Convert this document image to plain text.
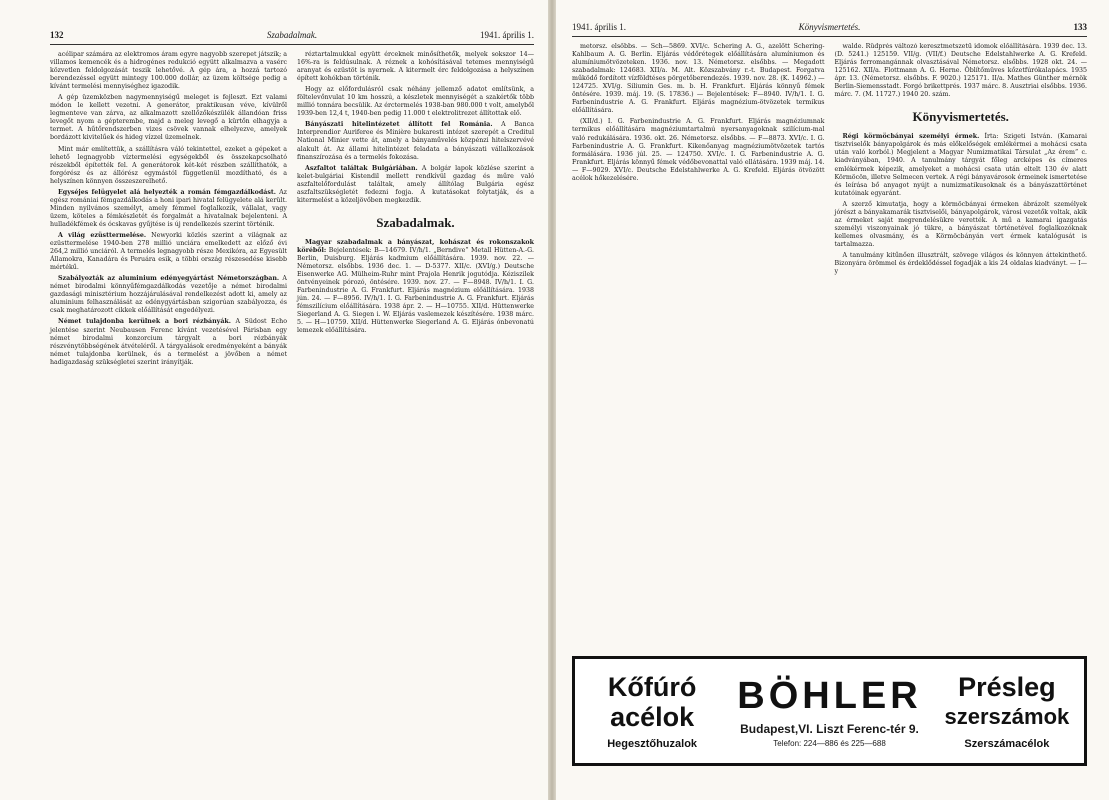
132	Szabadalmak.	1941. április 1.

acélipar számára az elektromos áram egyre nagyobb szerepet játszik; a villamos kemencék és a hidrogénes redukció együtt alkalmazva a vasérc közvetlen feldolgozását teszik lehetővé. A gép ára, a hozzá tartozó berendezéssel együtt mintegy 100.000 dollár, az üzem költsége pedig a kívánt termelési mennyiséghez igazodik.

A gép üzemközben nagymennyiségű meleget is fejleszt. Ezt valami módon le kellett vezetni. A generátor, praktikusan véve, kívülről legmenteve van zárva, az alkalmazott szellőzőkészülék állandóan friss levegőt nyom a gépterembe, majd a meleg levegő a kürtőn elhagyja a termet. A hűtőrendszerben vizes csövek vannak elhelyezve, amelyek bordázott kivitelűek és hideg vízzel üzemelnek.

Mint már említettük, a szállításra váló tekintettel, ezeket a gépeket a lehető legnagyobb víztermelési egységekből és összekapcsolható részekből építették fel. A generátorok két-két részben szállíthatók, a forgórész és az állórész egymástól függetlenül mozdítható, és a helyszínen könnyen összeszerelhető.

Egyséjes felügyelet alá helyezték a román fémgazdálkodást. Az egész romániai fémgazdálkodás a honi ipari hivatal felügyelete alá került. Minden nyilvános személyt, amely fémmel foglalkozik, vállalat, vagy üzem, köteles a fémkészletét és forgalmát a hivatalnak bejelenteni. A hulladékfémek és ócskavas gyűjtése is új rendelkezés szerint történik.

A világ ezüsttermelése. Newyorki közlés szerint a világnak az ezüsttermelése 1940-ben 278 millió unciára emelkedett az előző évi 264,2 millió unciáról. A termelés legnagyobb része Mexikóra, az Egyesült Államokra, Kanadára és Peruára esik, a többi ország részesedése kisebb mértékű.

Szabályozták az aluminium edényegyártást Németországban. A német birodalmi könnyűfémgazdálkodás vezetője a német birodalmi gazdasági minisztérium hozzájárulásával rendelkezést adott ki, amely az aluminium felhasználását az edénygyártásban szigorúan szabályozza, és csak meghatározott cikkek előállítását engedélyezi.

Német tulajdonba kerülnek a bori rézbányák. A Südost Echo jelentése szerint Neubausen Ferenc kívánt vezetésével Párisban egy német birodalmi konzorcium tárgyalt a bori rézbányák részvénytöbbségének átvételéről. A tárgyalások eredményeként a bányák német tulajdonba kerülnek, és a termelést a jövőben a német hadigazdaság szükségletei szerint irányítják.

réztartalmukkal együtt érceknek minősíthetők, melyek sokszor 14—16%-ra is feldúsulnak. A réznek a kohósításával tetemes mennyiségű aranyat és ezüstöt is nyernek. A kitermelt érc feldolgozása a helyszínen épített kohókban történik.

Hogy az előfordulásról csak néhány jellemző adatot említsünk, a föltelevőnvulat 10 km hosszú, a készletek mennyiségét a szakértők több millió tonnára becsülik. Az érctermelés 1938-ban 980.000 t volt, amelyből 1939-ben 12,4 t, 1940-ben pedig 11.000 t elektrolitrezet állítottak elő.

Bányászati hitelintézetet állított fel Románia. A Banca Interprendior Auriferee és Minière bukaresti intézet szerepét a Creditul National Minier vette át, amely a bányaművelés közpénzi hitelszervévé alakult át. Az állami hitelintézet feladata a bányászati vállalkozások finanszírozása és a termelés fokozása.

Aszfaltot találtak Bulgáriában. A bolgár lapok közlése szerint a kelet-bulgáriai Kistendil mellett rendkívül gazdag és műre való aszfaltelőfordulást találtak, amely állítólag Bulgária egész aszfaltszükségletét fedezni fogja. A kutatásokat folytatják, és a kitermelést a közeljövőben megkezdik.

Szabadalmak.

Magyar szabadalmak a bányászat, kohászat és rokonszakok köréből: Bejelentések: B—14679. IV/h/1. „Berndive” Metall Hütten-A.-G. Berlin, Duisburg. Eljárás kadmium előállítására. 1939. nov. 22. — Németorsz. elsőbbs. 1936 dec. 1. — D-5377. XII/c. (XVI/g.) Deutsche Eisenwerke AG. Mülheim-Ruhr mint Prajola Henrik jogutódja. Kéziszilek öntvényeinek pórozó, öntésére. 1939. nov. 27. — F—8948. IV/h/1. I. G. Farbenindustrie A. G. Frankfurt. Eljárás magnézium előállítására. 1938 jún. 24. — F—8956. IV/h/1. I. G. Farbenindustrie A. G. Frankfurt. Eljárás fémszilícium előállítására. 1938 ápr. 2. — H—10755. XII/d. Hüttenwerke Siegerland A. G. Siegen i. W. Eljárás vaslemezek készítésére. 1938 márc. 5. — H—10759. XII/d. Hüttenwerke Siegerland A. G. Eljárás ónbevonatú lemezek előállítására.

1941. április 1.	Könyvismertetés.	133

metorsz. elsőbbs. — Sch—5869. XVI/c. Schering A. G., azelőtt Schering-Kahlbaum A. G. Berlin. Eljárás védőrétegek előállítására alumíniumon és alumíniumötvözeteken. 1936. nov. 13. Németorsz. elsőbbs. — Megadott szabadalmak: 124683. XII/a. M. Alt. Közszabvány r.-t. Budapest. Forgatva működő fordított vízföldtéses pörgetőberendezés. 1939. nov. 28. (K. 14962.) — 124725. XVI/g. Siliumin Ges. m. b. H. Frankfurt. Eljárás könnyű fémek öntésére. 1939. máj. 19. (S. 17836.) — Bejelentések: F—8940. IV/h/1. I. G. Farbenindustrie A. G. Frankfurt. Eljárás magnézium-ötvözetek termikus előállítására.

(XII/d.) I. G. Farbenindustrie A. G. Frankfurt. Eljárás magnéziumnak termikus előállítására magnéziumtartalmú nyersanyagoknak szilícium-mal való redukálására. 1936. okt. 26. Németorsz. elsőbbs. — F—8873. XVI/c. I. G. Farbenindustrie A. G. Frankfurt. Kikenőanyag magnéziumötvözetek tartós formálására. 1936 júl. 25. — 124750. XVI/c. I. G. Farbenindustrie A. G. Frankfurt. Eljárás könnyű fémek védőbevonattal való ellátására. 1939 máj. 14. — F—9029. XVI/c. Deutsche Edelstahlwerke A. G. Krefeld. Eljárás ötvözött acélok hőkezelésére.

walde. Rüdprés változó keresztmetszetű idomok előállítására. 1939 dec. 13. (D. 5241.) 125159. VII/g. (VII/f.) Deutsche Edelstahlwerke A. G. Krefeld. Eljárás ferromangánnak olvasztásával Németorsz. elsőbbs. 1928 okt. 24. — 125162. XII/a. Flottmann A. G. Herne. Öblítőmüves kőzetfúrókalapács. 1935 ápr. 13. (Németorsz. elsőbbs. F. 9020.) 125171. II/a. Mathes Günther mérnök Berlin-Siemensstadt. Forgó brikettprés. 1937 márc. 8. Ausztriai elsőbbs. 1936. márc. 7. (M. 11727.) 1940 20. szám.

Könyvismertetés.

Régi körmöcbányai személyi érmek. Írta: Szigeti István. (Kamarai tisztviselők bányapolgárok és más előkelőségek emlékérmei a mohácsi csata után való korból.) Megjelent a Magyar Numizmatikai Társulat „Az érem” c. kiadványában, 1940. A tanulmány tárgyát főleg arcképes és címeres emlékérmek képezik, amelyeket a mohácsi csata után eltelt 130 év alatt Körmöcön, illetve Selmecen vertek. A régi bányavárosok érmeinek ismertetése és leírása bő anyagot nyújt a numizmatikusoknak és a bányászattörténet kutatóinak egyaránt.

A szerző kimutatja, hogy a körmöcbányai érmeken ábrázolt személyek jórészt a bányakamarák tisztviselői, bányapolgárok, városi vezetők voltak, akik az érmeket saját megrendelésükre verették. A mű a kamarai igazgatás személyi viszonyainak jó tükre, a bányászat történetével foglalkozóknak kellemes olvasmány, és a Körmöcbányán vert érmek katalógusát is tartalmazza.

A tanulmány kitűnően illusztrált, szövege világos és könnyen áttekinthető. Bizonyára örömmel és érdeklődéssel fogadják a kis 24 oldalas kiadványt. — I—y

Kőfúró
acélok
Hegesztőhuzalok
BÖHLER
Budapest,VI. Liszt Ferenc-tér 9.
Telefon: 224—886 és 225—688
Présleg
szerszámok
Szerszámacélok
